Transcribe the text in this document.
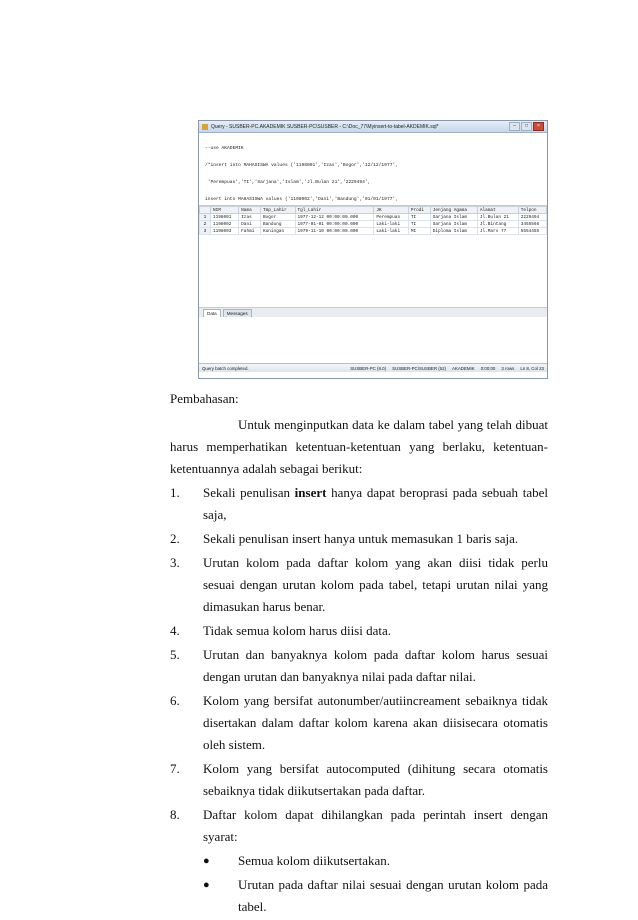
Query - SUSBER-PC.AKADEMIK SUSBER-PC\SUSBER - C:\Doc_77\Myinsert-to-tabel-AKDEMIK.sql*	–	□	×

--use AKADEMIK

/*insert into MAHASISWA values ('1198001','Izas','Bogor','12/12/1977',

'Perempuan','TI','Sarjana','Islam','Jl.Bulan 21','2229494',

insert into MAHASISWA values ('1198002','Dani','Bandung','01/01/1977',

	NIM	Nama	Tmp_Lahir	Tgl_Lahir	JK	Prodi	Jenjang Agama	Alamat	Telpon
1	1198001	Izas	Bogor	1977-12-12 00:00:00.000	Perempuan	TI	Sarjana Islam	Jl.Bulan 21	2229494
2	1198002	Dani	Bandung	1977-01-01 00:00:00.000	Laki-laki	TI	Sarjana Islam	Jl.Bintang	3455566
3	1198003	Fahmi	Kuningan	1979-11-10 00:00:00.000	Laki-laki	MI	Diploma Islam	Jl.Mars 77	5554455
Data	Messages
Query batch completed.	SUSBER-PC (8.0) SUSBER-PC\SUSBER (52) AKADEMIK 0:00:00 3 rows Ln 8, Col 23

Pembahasan:

Untuk menginputkan data ke dalam tabel yang telah dibuat harus memperhatikan ketentuan-ketentuan yang berlaku, ketentuan-ketentuannya adalah sebagai berikut:

1.	Sekali penulisan insert hanya dapat beroprasi pada sebuah tabel saja,
2.	Sekali penulisan insert hanya untuk memasukan 1 baris saja.
3.	Urutan kolom pada daftar kolom yang akan diisi tidak perlu sesuai dengan urutan kolom pada tabel, tetapi urutan nilai yang dimasukan harus benar.
4.	Tidak semua kolom harus diisi data.
5.	Urutan dan banyaknya kolom pada daftar kolom harus sesuai dengan urutan dan banyaknya nilai pada daftar nilai.
6.	Kolom yang bersifat autonumber/autiincreament sebaiknya tidak disertakan dalam daftar kolom karena akan diisisecara otomatis oleh sistem.
7.	Kolom yang bersifat autocomputed (dihitung secara otomatis sebaiknya tidak diikutsertakan pada daftar.
8.	Daftar kolom dapat dihilangkan pada perintah insert dengan syarat:
●	Semua kolom diikutsertakan.
●	Urutan pada daftar nilai sesuai dengan urutan kolom pada tabel.
